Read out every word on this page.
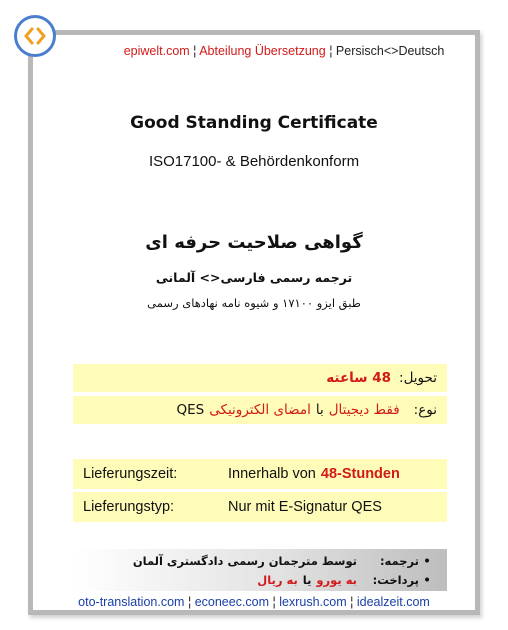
epiwelt.com ¦ Abteilung Übersetzung ¦ Persisch<>Deutsch
Good Standing Certificate
ISO17100- & Behördenkonform
گواهی صلاحیت حرفه ای
ترجمه رسمی فارسی<> آلمانی
طبق ایزو ۱۷۱۰۰ و شیوه نامه نهادهای رسمی
تحویل:
48 ساعته
نوع:
فقط دیجیتال
با
امضای الکترونیکی
QES
Lieferungszeit:	Innerhalb von 48-Stunden
Lieferungstyp:	Nur mit E-Signatur QES
•
ترجمه:
توسط مترجمان رسمی دادگستری آلمان
•
پرداخت:
به یورو
یا
به ریال
oto-translation.com ¦ econeec.com ¦ lexrush.com ¦ idealzeit.com
